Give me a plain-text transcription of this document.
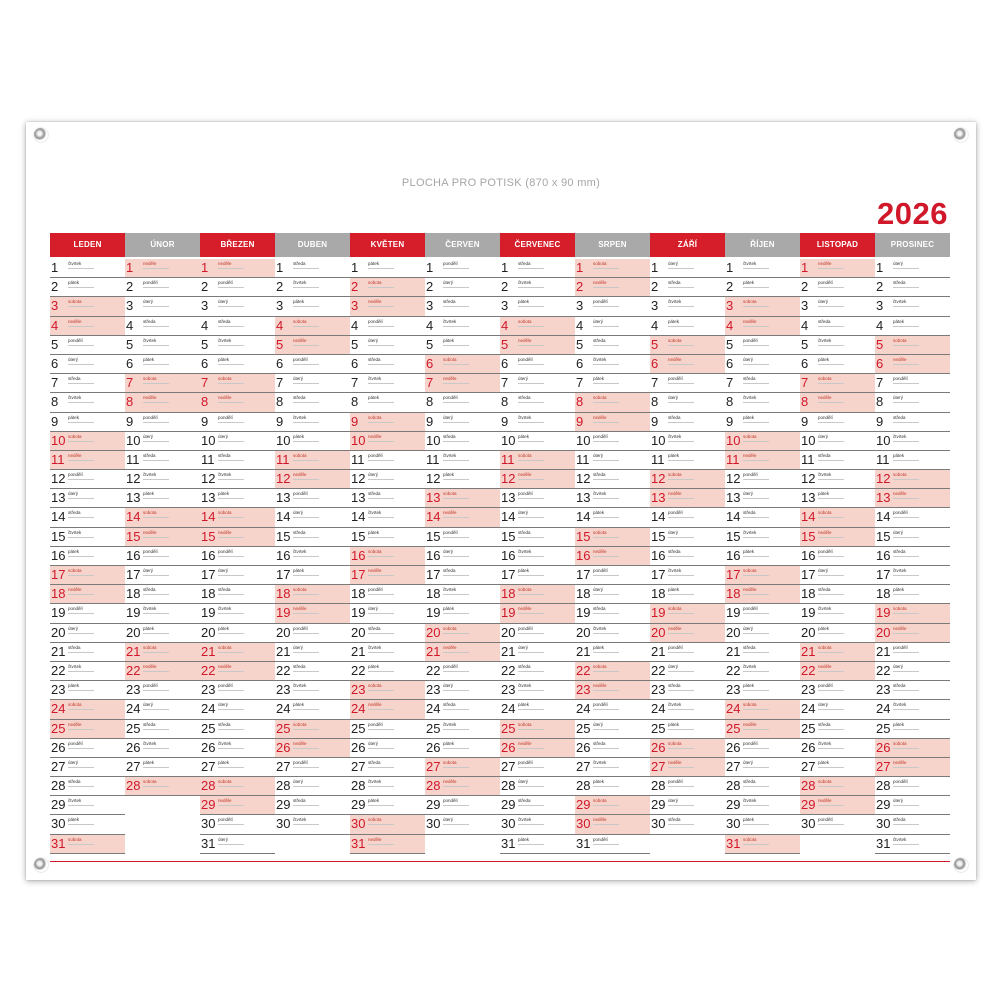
PLOCHA PRO POTISK (870 x 90 mm)
2026
LEDEN
1 čtvrtek
2 pátek
3 sobota
4 neděle
5 pondělí
6 úterý
7 středa
8 čtvrtek
9 pátek
10 sobota
11 neděle
12 pondělí
13 úterý
14 středa
15 čtvrtek
16 pátek
17 sobota
18 neděle
19 pondělí
20 úterý
21 středa
22 čtvrtek
23 pátek
24 sobota
25 neděle
26 pondělí
27 úterý
28 středa
29 čtvrtek
30 pátek
31 sobota
ÚNOR
1 neděle
2 pondělí
3 úterý
4 středa
5 čtvrtek
6 pátek
7 sobota
8 neděle
9 pondělí
10 úterý
11 středa
12 čtvrtek
13 pátek
14 sobota
15 neděle
16 pondělí
17 úterý
18 středa
19 čtvrtek
20 pátek
21 sobota
22 neděle
23 pondělí
24 úterý
25 středa
26 čtvrtek
27 pátek
28 sobota
BŘEZEN
1 neděle
2 pondělí
3 úterý
4 středa
5 čtvrtek
6 pátek
7 sobota
8 neděle
9 pondělí
10 úterý
11 středa
12 čtvrtek
13 pátek
14 sobota
15 neděle
16 pondělí
17 úterý
18 středa
19 čtvrtek
20 pátek
21 sobota
22 neděle
23 pondělí
24 úterý
25 středa
26 čtvrtek
27 pátek
28 sobota
29 neděle
30 pondělí
31 úterý
DUBEN
1 středa
2 čtvrtek
3 pátek
4 sobota
5 neděle
6 pondělí
7 úterý
8 středa
9 čtvrtek
10 pátek
11 sobota
12 neděle
13 pondělí
14 úterý
15 středa
16 čtvrtek
17 pátek
18 sobota
19 neděle
20 pondělí
21 úterý
22 středa
23 čtvrtek
24 pátek
25 sobota
26 neděle
27 pondělí
28 úterý
29 středa
30 čtvrtek
KVĚTEN
1 pátek
2 sobota
3 neděle
4 pondělí
5 úterý
6 středa
7 čtvrtek
8 pátek
9 sobota
10 neděle
11 pondělí
12 úterý
13 středa
14 čtvrtek
15 pátek
16 sobota
17 neděle
18 pondělí
19 úterý
20 středa
21 čtvrtek
22 pátek
23 sobota
24 neděle
25 pondělí
26 úterý
27 středa
28 čtvrtek
29 pátek
30 sobota
31 neděle
ČERVEN
1 pondělí
2 úterý
3 středa
4 čtvrtek
5 pátek
6 sobota
7 neděle
8 pondělí
9 úterý
10 středa
11 čtvrtek
12 pátek
13 sobota
14 neděle
15 pondělí
16 úterý
17 středa
18 čtvrtek
19 pátek
20 sobota
21 neděle
22 pondělí
23 úterý
24 středa
25 čtvrtek
26 pátek
27 sobota
28 neděle
29 pondělí
30 úterý
ČERVENEC
1 středa
2 čtvrtek
3 pátek
4 sobota
5 neděle
6 pondělí
7 úterý
8 středa
9 čtvrtek
10 pátek
11 sobota
12 neděle
13 pondělí
14 úterý
15 středa
16 čtvrtek
17 pátek
18 sobota
19 neděle
20 pondělí
21 úterý
22 středa
23 čtvrtek
24 pátek
25 sobota
26 neděle
27 pondělí
28 úterý
29 středa
30 čtvrtek
31 pátek
SRPEN
1 sobota
2 neděle
3 pondělí
4 úterý
5 středa
6 čtvrtek
7 pátek
8 sobota
9 neděle
10 pondělí
11 úterý
12 středa
13 čtvrtek
14 pátek
15 sobota
16 neděle
17 pondělí
18 úterý
19 středa
20 čtvrtek
21 pátek
22 sobota
23 neděle
24 pondělí
25 úterý
26 středa
27 čtvrtek
28 pátek
29 sobota
30 neděle
31 pondělí
ZÁŘÍ
1 úterý
2 středa
3 čtvrtek
4 pátek
5 sobota
6 neděle
7 pondělí
8 úterý
9 středa
10 čtvrtek
11 pátek
12 sobota
13 neděle
14 pondělí
15 úterý
16 středa
17 čtvrtek
18 pátek
19 sobota
20 neděle
21 pondělí
22 úterý
23 středa
24 čtvrtek
25 pátek
26 sobota
27 neděle
28 pondělí
29 úterý
30 středa
ŘÍJEN
1 čtvrtek
2 pátek
3 sobota
4 neděle
5 pondělí
6 úterý
7 středa
8 čtvrtek
9 pátek
10 sobota
11 neděle
12 pondělí
13 úterý
14 středa
15 čtvrtek
16 pátek
17 sobota
18 neděle
19 pondělí
20 úterý
21 středa
22 čtvrtek
23 pátek
24 sobota
25 neděle
26 pondělí
27 úterý
28 středa
29 čtvrtek
30 pátek
31 sobota
LISTOPAD
1 neděle
2 pondělí
3 úterý
4 středa
5 čtvrtek
6 pátek
7 sobota
8 neděle
9 pondělí
10 úterý
11 středa
12 čtvrtek
13 pátek
14 sobota
15 neděle
16 pondělí
17 úterý
18 středa
19 čtvrtek
20 pátek
21 sobota
22 neděle
23 pondělí
24 úterý
25 středa
26 čtvrtek
27 pátek
28 sobota
29 neděle
30 pondělí
PROSINEC
1 úterý
2 středa
3 čtvrtek
4 pátek
5 sobota
6 neděle
7 pondělí
8 úterý
9 středa
10 čtvrtek
11 pátek
12 sobota
13 neděle
14 pondělí
15 úterý
16 středa
17 čtvrtek
18 pátek
19 sobota
20 neděle
21 pondělí
22 úterý
23 středa
24 čtvrtek
25 pátek
26 sobota
27 neděle
28 pondělí
29 úterý
30 středa
31 čtvrtek
